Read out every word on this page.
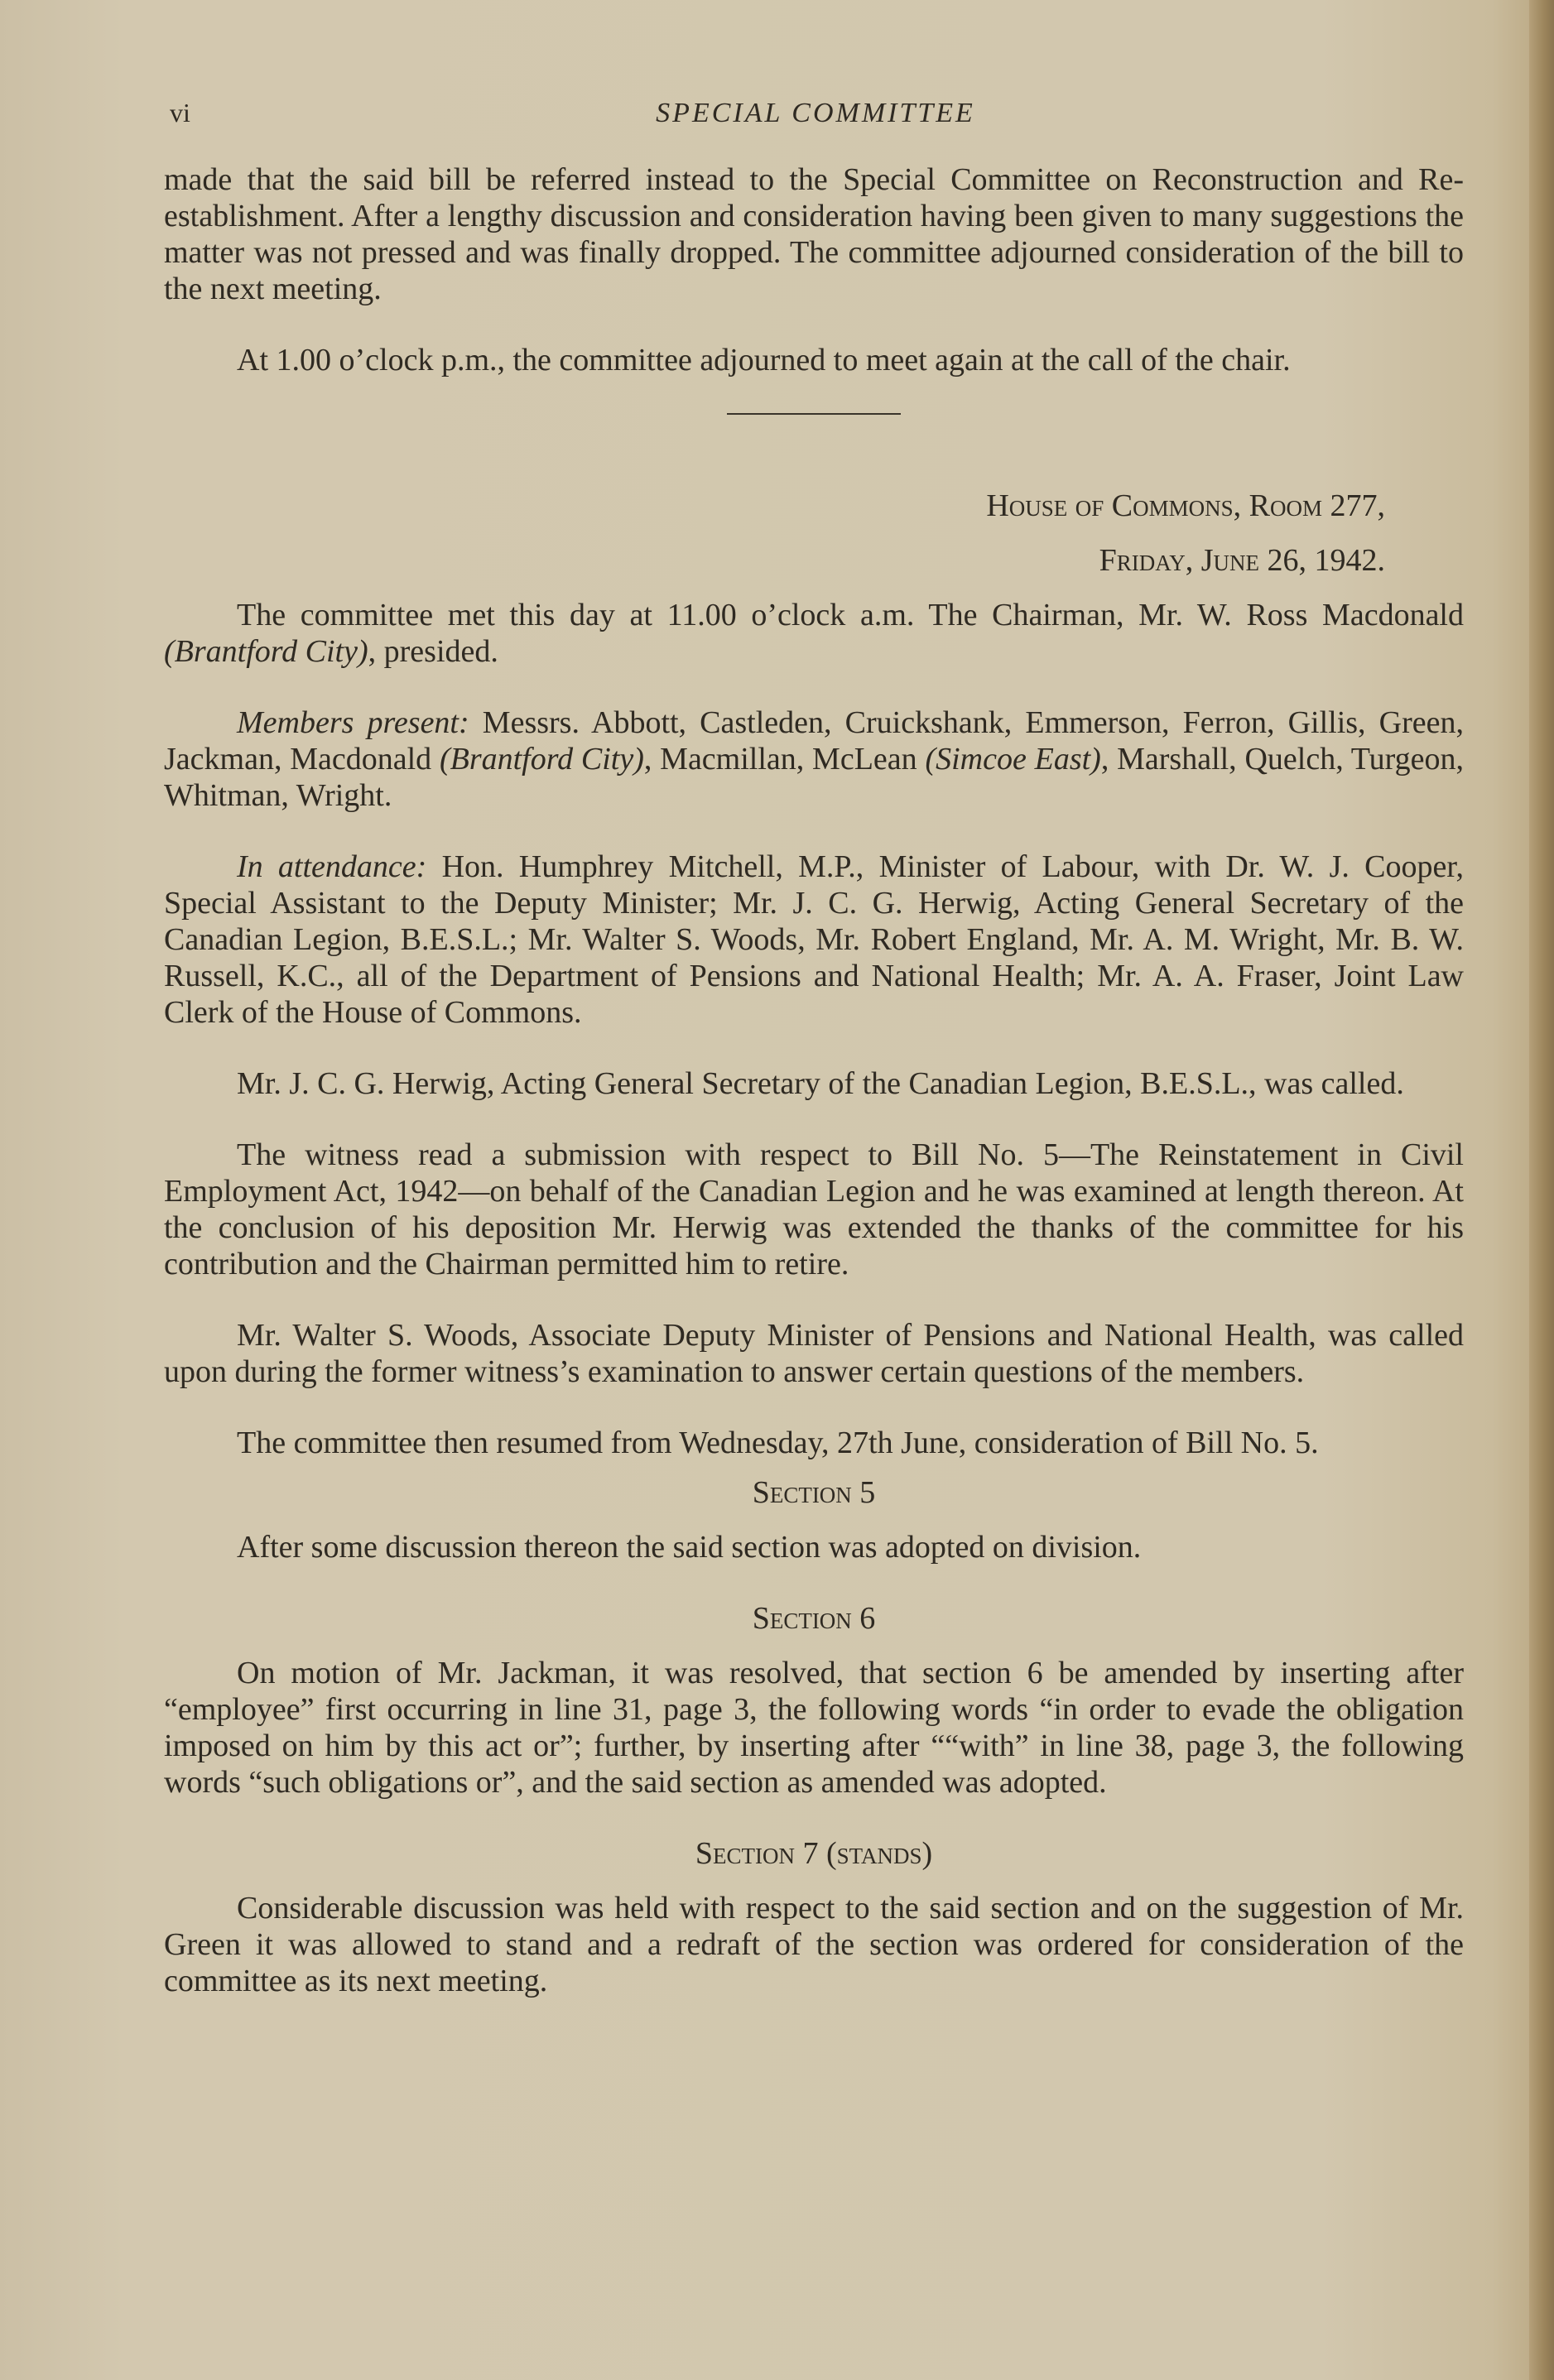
vi	SPECIAL COMMITTEE

made that the said bill be referred instead to the Special Committee on Reconstruction and Re-establishment. After a lengthy discussion and consideration having been given to many suggestions the matter was not pressed and was finally dropped. The committee adjourned consideration of the bill to the next meeting.

At 1.00 o’clock p.m., the committee adjourned to meet again at the call of the chair.

House of Commons, Room 277,

Friday, June 26, 1942.

The committee met this day at 11.00 o’clock a.m. The Chairman, Mr. W. Ross Macdonald (Brantford City), presided.

Members present: Messrs. Abbott, Castleden, Cruickshank, Emmerson, Ferron, Gillis, Green, Jackman, Macdonald (Brantford City), Macmillan, McLean (Simcoe East), Marshall, Quelch, Turgeon, Whitman, Wright.

In attendance: Hon. Humphrey Mitchell, M.P., Minister of Labour, with Dr. W. J. Cooper, Special Assistant to the Deputy Minister; Mr. J. C. G. Herwig, Acting General Secretary of the Canadian Legion, B.E.S.L.; Mr. Walter S. Woods, Mr. Robert England, Mr. A. M. Wright, Mr. B. W. Russell, K.C., all of the Department of Pensions and National Health; Mr. A. A. Fraser, Joint Law Clerk of the House of Commons.

Mr. J. C. G. Herwig, Acting General Secretary of the Canadian Legion, B.E.S.L., was called.

The witness read a submission with respect to Bill No. 5—The Reinstatement in Civil Employment Act, 1942—on behalf of the Canadian Legion and he was examined at length thereon. At the conclusion of his deposition Mr. Herwig was extended the thanks of the committee for his contribution and the Chairman permitted him to retire.

Mr. Walter S. Woods, Associate Deputy Minister of Pensions and National Health, was called upon during the former witness’s examination to answer certain questions of the members.

The committee then resumed from Wednesday, 27th June, consideration of Bill No. 5.

Section 5

After some discussion thereon the said section was adopted on division.

Section 6

On motion of Mr. Jackman, it was resolved, that section 6 be amended by inserting after “employee” first occurring in line 31, page 3, the following words “in order to evade the obligation imposed on him by this act or”; further, by inserting after ““with” in line 38, page 3, the following words “such obligations or”, and the said section as amended was adopted.

Section 7 (stands)

Considerable discussion was held with respect to the said section and on the suggestion of Mr. Green it was allowed to stand and a redraft of the section was ordered for consideration of the committee as its next meeting.
